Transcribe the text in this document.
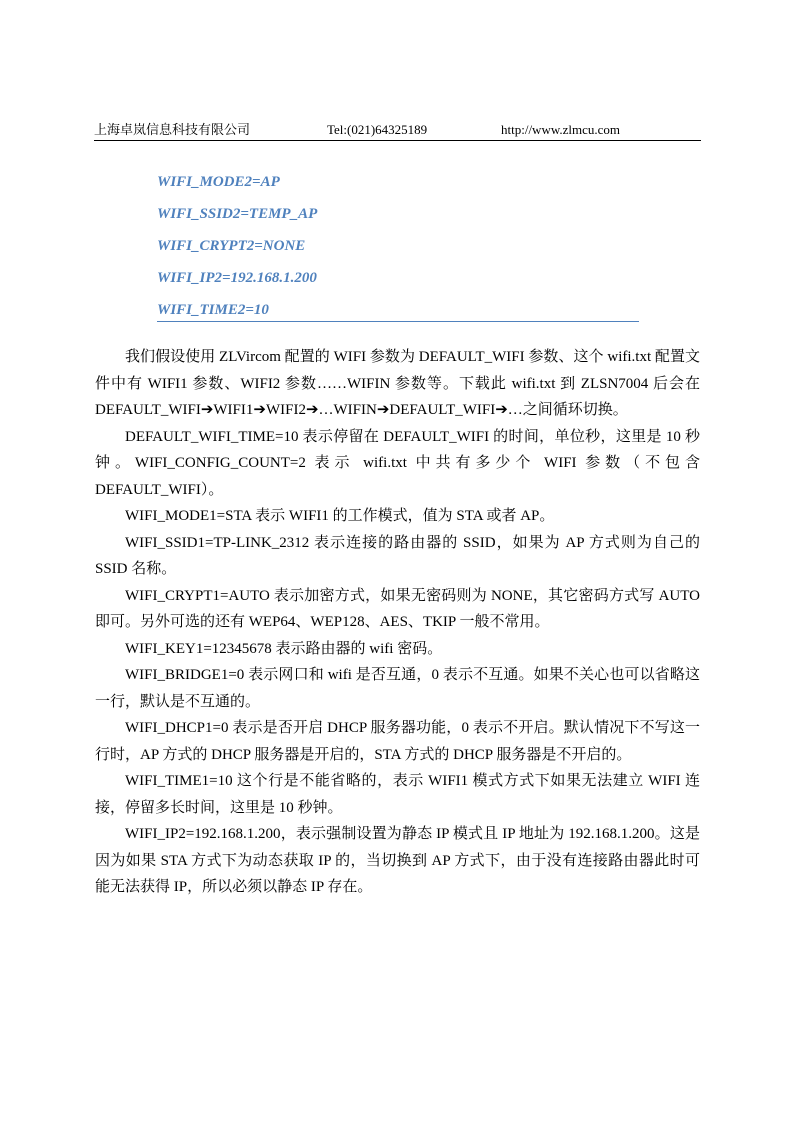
上海卓岚信息科技有限公司	Tel:(021)64325189	http://www.zlmcu.com
WIFI_MODE2=AP
WIFI_SSID2=TEMP_AP
WIFI_CRYPT2=NONE
WIFI_IP2=192.168.1.200
WIFI_TIME2=10

我们假设使用 ZLVircom 配置的 WIFI 参数为 DEFAULT_WIFI 参数、这个 wifi.txt 配置文件中有 WIFI1 参数、WIFI2 参数……WIFIN 参数等。下载此 wifi.txt 到 ZLSN7004 后会在 DEFAULT_WIFI➔WIFI1➔WIFI2➔…WIFIN➔DEFAULT_WIFI➔…之间循环切换。

DEFAULT_WIFI_TIME=10 表示停留在 DEFAULT_WIFI 的时间，单位秒，这里是 10 秒钟。WIFI_CONFIG_COUNT=2 表示 wifi.txt 中共有多少个 WIFI 参数（不包含 DEFAULT_WIFI）。

WIFI_MODE1=STA 表示 WIFI1 的工作模式，值为 STA 或者 AP。

WIFI_SSID1=TP-LINK_2312 表示连接的路由器的 SSID，如果为 AP 方式则为自己的 SSID 名称。

WIFI_CRYPT1=AUTO 表示加密方式，如果无密码则为 NONE，其它密码方式写 AUTO 即可。另外可选的还有 WEP64、WEP128、AES、TKIP 一般不常用。

WIFI_KEY1=12345678 表示路由器的 wifi 密码。

WIFI_BRIDGE1=0 表示网口和 wifi 是否互通，0 表示不互通。如果不关心也可以省略这一行，默认是不互通的。

WIFI_DHCP1=0 表示是否开启 DHCP 服务器功能，0 表示不开启。默认情况下不写这一行时，AP 方式的 DHCP 服务器是开启的，STA 方式的 DHCP 服务器是不开启的。

WIFI_TIME1=10 这个行是不能省略的，表示 WIFI1 模式方式下如果无法建立 WIFI 连接，停留多长时间，这里是 10 秒钟。

WIFI_IP2=192.168.1.200，表示强制设置为静态 IP 模式且 IP 地址为 192.168.1.200。这是因为如果 STA 方式下为动态获取 IP 的，当切换到 AP 方式下，由于没有连接路由器此时可能无法获得 IP，所以必须以静态 IP 存在。
